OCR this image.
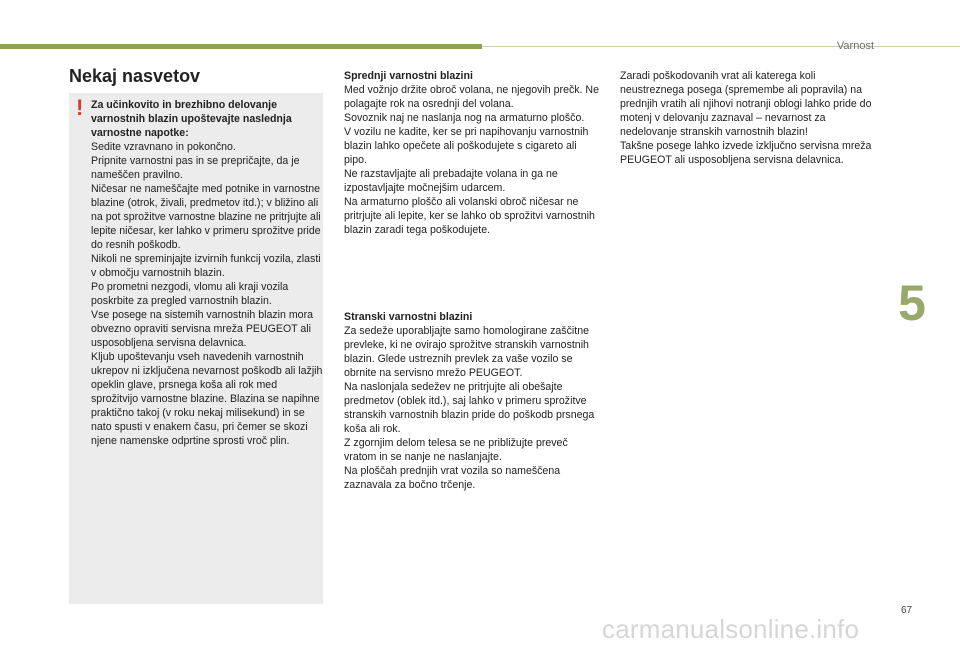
Varnost
5
Nekaj nasvetov
! Za učinkovito in brezhibno delovanje varnostnih blazin upoštevajte naslednja varnostne napotke:

Sedite vzravnano in pokončno.

Pripnite varnostni pas in se prepričajte, da je nameščen pravilno.

Ničesar ne nameščajte med potnike in varnostne blazine (otrok, živali, predmetov itd.); v bližino ali na pot sprožitve varnostne blazine ne pritrjujte ali lepite ničesar, ker lahko v primeru sprožitve pride do resnih poškodb.

Nikoli ne spreminjajte izvirnih funkcij vozila, zlasti v območju varnostnih blazin.

Po prometni nezgodi, vlomu ali kraji vozila poskrbite za pregled varnostnih blazin.

Vse posege na sistemih varnostnih blazin mora obvezno opraviti servisna mreža PEUGEOT ali usposobljena servisna delavnica.

Kljub upoštevanju vseh navedenih varnostnih ukrepov ni izključena nevarnost poškodb ali lažjih opeklin glave, prsnega koša ali rok med sprožitvijo varnostne blazine. Blazina se napihne praktično takoj (v roku nekaj milisekund) in se nato spusti v enakem času, pri čemer se skozi njene namenske odprtine sprosti vroč plin.

Sprednji varnostni blazini

Med vožnjo držite obroč volana, ne njegovih prečk. Ne polagajte rok na osrednji del volana.

Sovoznik naj ne naslanja nog na armaturno ploščo.

V vozilu ne kadite, ker se pri napihovanju varnostnih blazin lahko opečete ali poškodujete s cigareto ali pipo.

Ne razstavljajte ali prebadajte volana in ga ne izpostavljajte močnejšim udarcem.

Na armaturno ploščo ali volanski obroč ničesar ne pritrjujte ali lepite, ker se lahko ob sprožitvi varnostnih blazin zaradi tega poškodujete.

Stranski varnostni blazini

Za sedeže uporabljajte samo homologirane zaščitne prevleke, ki ne ovirajo sprožitve stranskih varnostnih blazin. Glede ustreznih prevlek za vaše vozilo se obrnite na servisno mrežo PEUGEOT.

Na naslonjala sedežev ne pritrjujte ali obešajte predmetov (oblek itd.), saj lahko v primeru sprožitve stranskih varnostnih blazin pride do poškodb prsnega koša ali rok.

Z zgornjim delom telesa se ne približujte preveč vratom in se nanje ne naslanjajte.

Na ploščah prednjih vrat vozila so nameščena zaznavala za bočno trčenje.

Zaradi poškodovanih vrat ali katerega koli neustreznega posega (spremembe ali popravila) na prednjih vratih ali njihovi notranji oblogi lahko pride do motenj v delovanju zaznaval – nevarnost za nedelovanje stranskih varnostnih blazin!

Takšne posege lahko izvede izključno servisna mreža PEUGEOT ali usposobljena servisna delavnica.

67
carmanualsonline.info
